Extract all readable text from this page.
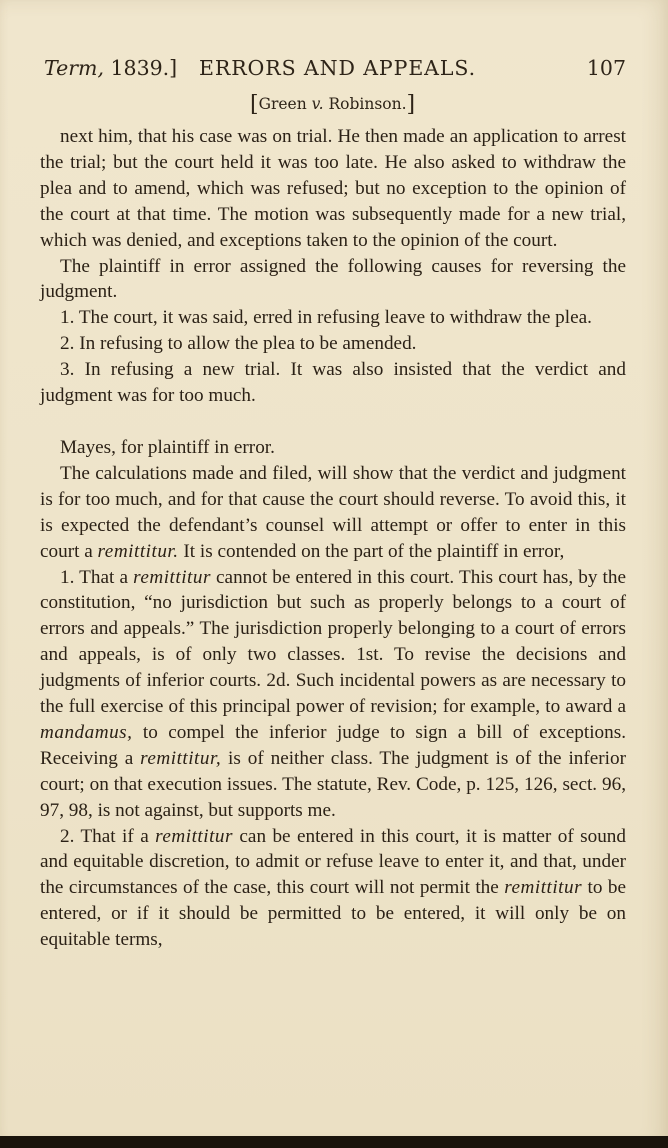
Term, 1839.] ERRORS AND APPEALS.	107
[Green v. Robinson.]

next him, that his case was on trial. He then made an application to arrest the trial; but the court held it was too late. He also asked to withdraw the plea and to amend, which was refused; but no exception to the opinion of the court at that time. The motion was subsequently made for a new trial, which was denied, and exceptions taken to the opinion of the court.

The plaintiff in error assigned the following causes for reversing the judgment.

1. The court, it was said, erred in refusing leave to withdraw the plea.

2. In refusing to allow the plea to be amended.

3. In refusing a new trial. It was also insisted that the verdict and judgment was for too much.

Mayes, for plaintiff in error.

The calculations made and filed, will show that the verdict and judgment is for too much, and for that cause the court should reverse. To avoid this, it is expected the defendant’s counsel will attempt or offer to enter in this court a remittitur. It is contended on the part of the plaintiff in error,

1. That a remittitur cannot be entered in this court. This court has, by the constitution, “no jurisdiction but such as properly belongs to a court of errors and appeals.” The jurisdiction properly belonging to a court of errors and appeals, is of only two classes. 1st. To revise the decisions and judgments of inferior courts. 2d. Such incidental powers as are necessary to the full exercise of this principal power of revision; for example, to award a mandamus, to compel the inferior judge to sign a bill of exceptions. Receiving a remittitur, is of neither class. The judgment is of the inferior court; on that execution issues. The statute, Rev. Code, p. 125, 126, sect. 96, 97, 98, is not against, but supports me.

2. That if a remittitur can be entered in this court, it is matter of sound and equitable discretion, to admit or refuse leave to enter it, and that, under the circumstances of the case, this court will not permit the remittitur to be entered, or if it should be permitted to be entered, it will only be on equitable terms,
